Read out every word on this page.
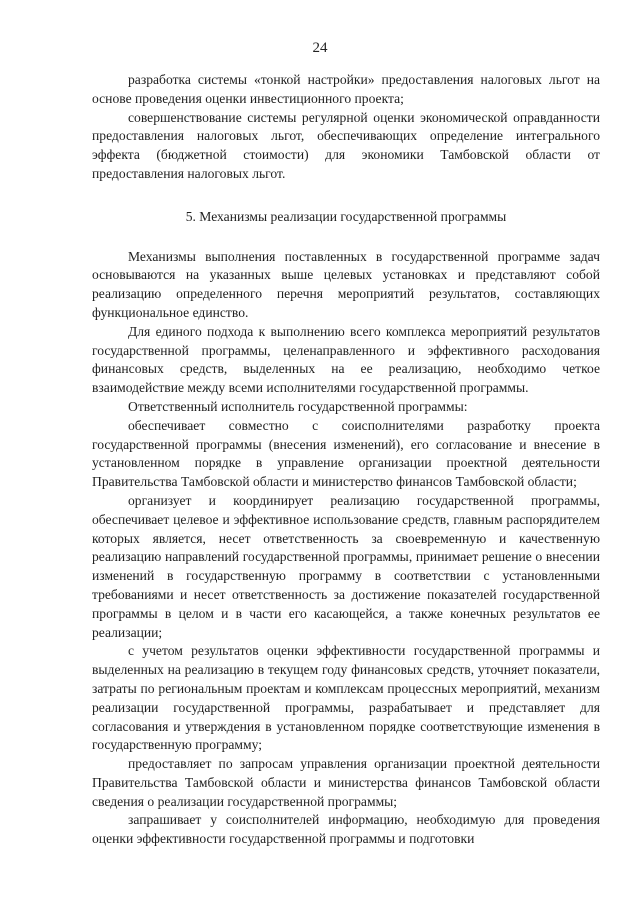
24

разработка системы «тонкой настройки» предоставления налоговых льгот на основе проведения оценки инвестиционного проекта;

совершенствование системы регулярной оценки экономической оправданности предоставления налоговых льгот, обеспечивающих определение интегрального эффекта (бюджетной стоимости) для экономики Тамбовской области от предоставления налоговых льгот.

5. Механизмы реализации государственной программы

Механизмы выполнения поставленных в государственной программе задач основываются на указанных выше целевых установках и представляют собой реализацию определенного перечня мероприятий результатов, составляющих функциональное единство.

Для единого подхода к выполнению всего комплекса мероприятий результатов государственной программы, целенаправленного и эффективного расходования финансовых средств, выделенных на ее реализацию, необходимо четкое взаимодействие между всеми исполнителями государственной программы.

Ответственный исполнитель государственной программы:

обеспечивает совместно с соисполнителями разработку проекта государственной программы (внесения изменений), его согласование и внесение в установленном порядке в управление организации проектной деятельности Правительства Тамбовской области и министерство финансов Тамбовской области;

организует и координирует реализацию государственной программы, обеспечивает целевое и эффективное использование средств, главным распорядителем которых является, несет ответственность за своевременную и качественную реализацию направлений государственной программы, принимает решение о внесении изменений в государственную программу в соответствии с установленными требованиями и несет ответственность за достижение показателей государственной программы в целом и в части его касающейся, а также конечных результатов ее реализации;

с учетом результатов оценки эффективности государственной программы и выделенных на реализацию в текущем году финансовых средств, уточняет показатели, затраты по региональным проектам и комплексам процессных мероприятий, механизм реализации государственной программы, разрабатывает и представляет для согласования и утверждения в установленном порядке соответствующие изменения в государственную программу;

предоставляет по запросам управления организации проектной деятельности Правительства Тамбовской области и министерства финансов Тамбовской области сведения о реализации государственной программы;

запрашивает у соисполнителей информацию, необходимую для проведения оценки эффективности государственной программы и подготовки
